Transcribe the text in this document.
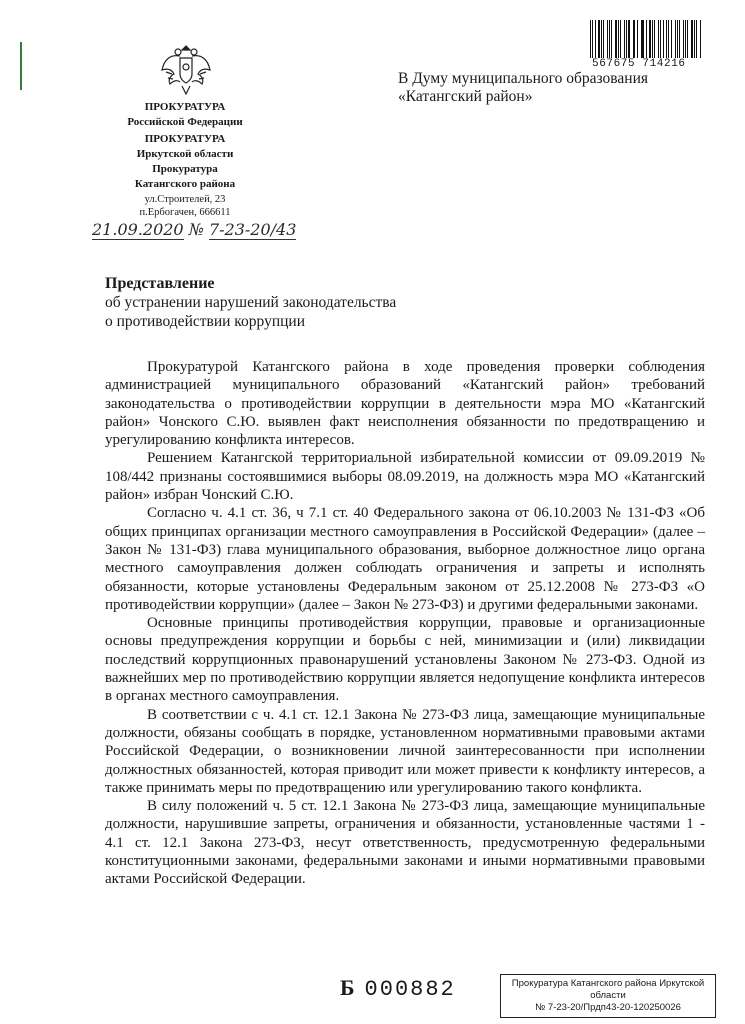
567675 714216
В Думу муниципального образования
«Катангский район»
ПРОКУРАТУРА
Российской Федерации
ПРОКУРАТУРА
Иркутской области
Прокуратура
Катангского района
ул.Строителей, 23
п.Ербогачен, 666611
21.09.2020 № 7-23-20/43
Представление
об устранении нарушений законодательства
о противодействии коррупции

Прокуратурой Катангского района в ходе проведения проверки соблюдения администрацией муниципального образований «Катангский район» требований законодательства о противодействии коррупции в деятельности мэра МО «Катангский район» Чонского С.Ю. выявлен факт неисполнения обязанности по предотвращению и урегулированию конфликта интересов.

Решением Катангской территориальной избирательной комиссии от 09.09.2019 № 108/442 признаны состоявшимися выборы 08.09.2019, на должность мэра МО «Катангский район» избран Чонский С.Ю.

Согласно ч. 4.1 ст. 36, ч 7.1 ст. 40 Федерального закона от 06.10.2003 № 131-ФЗ «Об общих принципах организации местного самоуправления в Российской Федерации» (далее – Закон № 131-ФЗ) глава муниципального образования, выборное должностное лицо органа местного самоуправления должен соблюдать ограничения и запреты и исполнять обязанности, которые установлены Федеральным законом от 25.12.2008 № 273-ФЗ «О противодействии коррупции» (далее – Закон № 273-ФЗ) и другими федеральными законами.

Основные принципы противодействия коррупции, правовые и организационные основы предупреждения коррупции и борьбы с ней, минимизации и (или) ликвидации последствий коррупционных правонарушений установлены Законом № 273-ФЗ. Одной из важнейших мер по противодействию коррупции является недопущение конфликта интересов в органах местного самоуправления.

В соответствии с ч. 4.1 ст. 12.1 Закона № 273-ФЗ лица, замещающие муниципальные должности, обязаны сообщать в порядке, установленном нормативными правовыми актами Российской Федерации, о возникновении личной заинтересованности при исполнении должностных обязанностей, которая приводит или может привести к конфликту интересов, а также принимать меры по предотвращению или урегулированию такого конфликта.

В силу положений ч. 5 ст. 12.1 Закона № 273-ФЗ лица, замещающие муниципальные должности, нарушившие запреты, ограничения и обязанности, установленные частями 1 - 4.1 ст. 12.1 Закона 273-ФЗ, несут ответственность, предусмотренную федеральными конституционными законами, федеральными законами и иными нормативными правовыми актами Российской Федерации.

Б 000882	Прокуратура Катангского района Иркутской
области
№ 7-23-20/Прдп43-20-120250026
